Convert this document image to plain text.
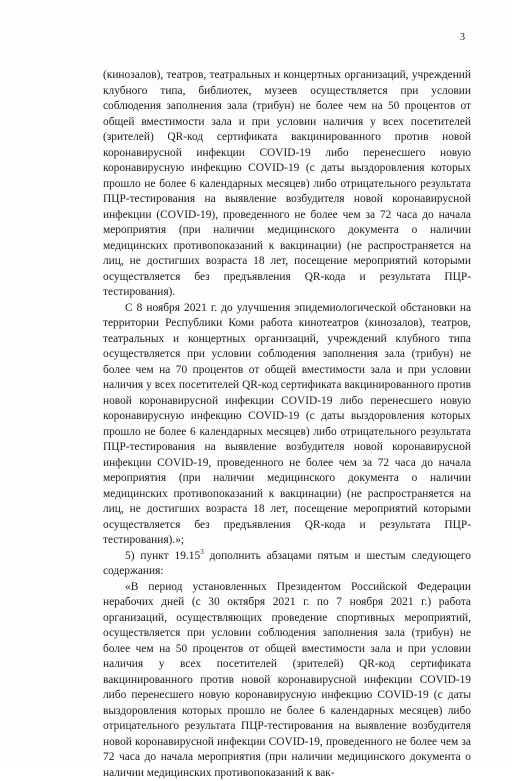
3

(кинозалов), театров, театральных и концертных организаций, учреждений клубного типа, библиотек, музеев осуществляется при условии соблюдения заполнения зала (трибун) не более чем на 50 процентов от общей вместимости зала и при условии наличия у всех посетителей (зрителей) QR-код сертификата вакцинированного против новой коронавирусной инфекции COVID-19 либо перенесшего новую коронавирусную инфекцию COVID-19 (с даты выздоровления которых прошло не более 6 календарных месяцев) либо отрицательного результата ПЦР-тестирования на выявление возбудителя новой коронавирусной инфекции (COVID-19), проведенного не более чем за 72 часа до начала мероприятия (при наличии медицинского документа о наличии медицинских противопоказаний к вакцинации) (не распространяется на лиц, не достигших возраста 18 лет, посещение мероприятий которыми осуществляется без предъявления QR-кода и результата ПЦР-тестирования).

С 8 ноября 2021 г. до улучшения эпидемиологической обстановки на территории Республики Коми работа кинотеатров (кинозалов), театров, театральных и концертных организаций, учреждений клубного типа осуществляется при условии соблюдения заполнения зала (трибун) не более чем на 70 процентов от общей вместимости зала и при условии наличия у всех посетителей QR-код сертификата вакцинированного против новой коронавирусной инфекции COVID-19 либо перенесшего новую коронавирусную инфекцию COVID-19 (с даты выздоровления которых прошло не более 6 календарных месяцев) либо отрицательного результата ПЦР-тестирования на выявление возбудителя новой коронавирусной инфекции COVID-19, проведенного не более чем за 72 часа до начала мероприятия (при наличии медицинского документа о наличии медицинских противопоказаний к вакцинации) (не распространяется на лиц, не достигших возраста 18 лет, посещение мероприятий которыми осуществляется без предъявления QR-кода и результата ПЦР-тестирования).»;

5) пункт 19.15$^3$ дополнить абзацами пятым и шестым следующего содержания:

«В период установленных Президентом Российской Федерации нерабочих дней (с 30 октября 2021 г. по 7 ноября 2021 г.) работа организаций, осуществляющих проведение спортивных мероприятий, осуществляется при условии соблюдения заполнения зала (трибун) не более чем на 50 процентов от общей вместимости зала и при условии наличия у всех посетителей (зрителей) QR-код сертификата вакцинированного против новой коронавирусной инфекции COVID-19 либо перенесшего новую коронавирусную инфекцию COVID-19 (с даты выздоровления которых прошло не более 6 календарных месяцев) либо отрицательного результата ПЦР-тестирования на выявление возбудителя новой коронавирусной инфекции COVID-19, проведенного не более чем за 72 часа до начала мероприятия (при наличии медицинского документа о наличии медицинских противопоказаний к вак-
